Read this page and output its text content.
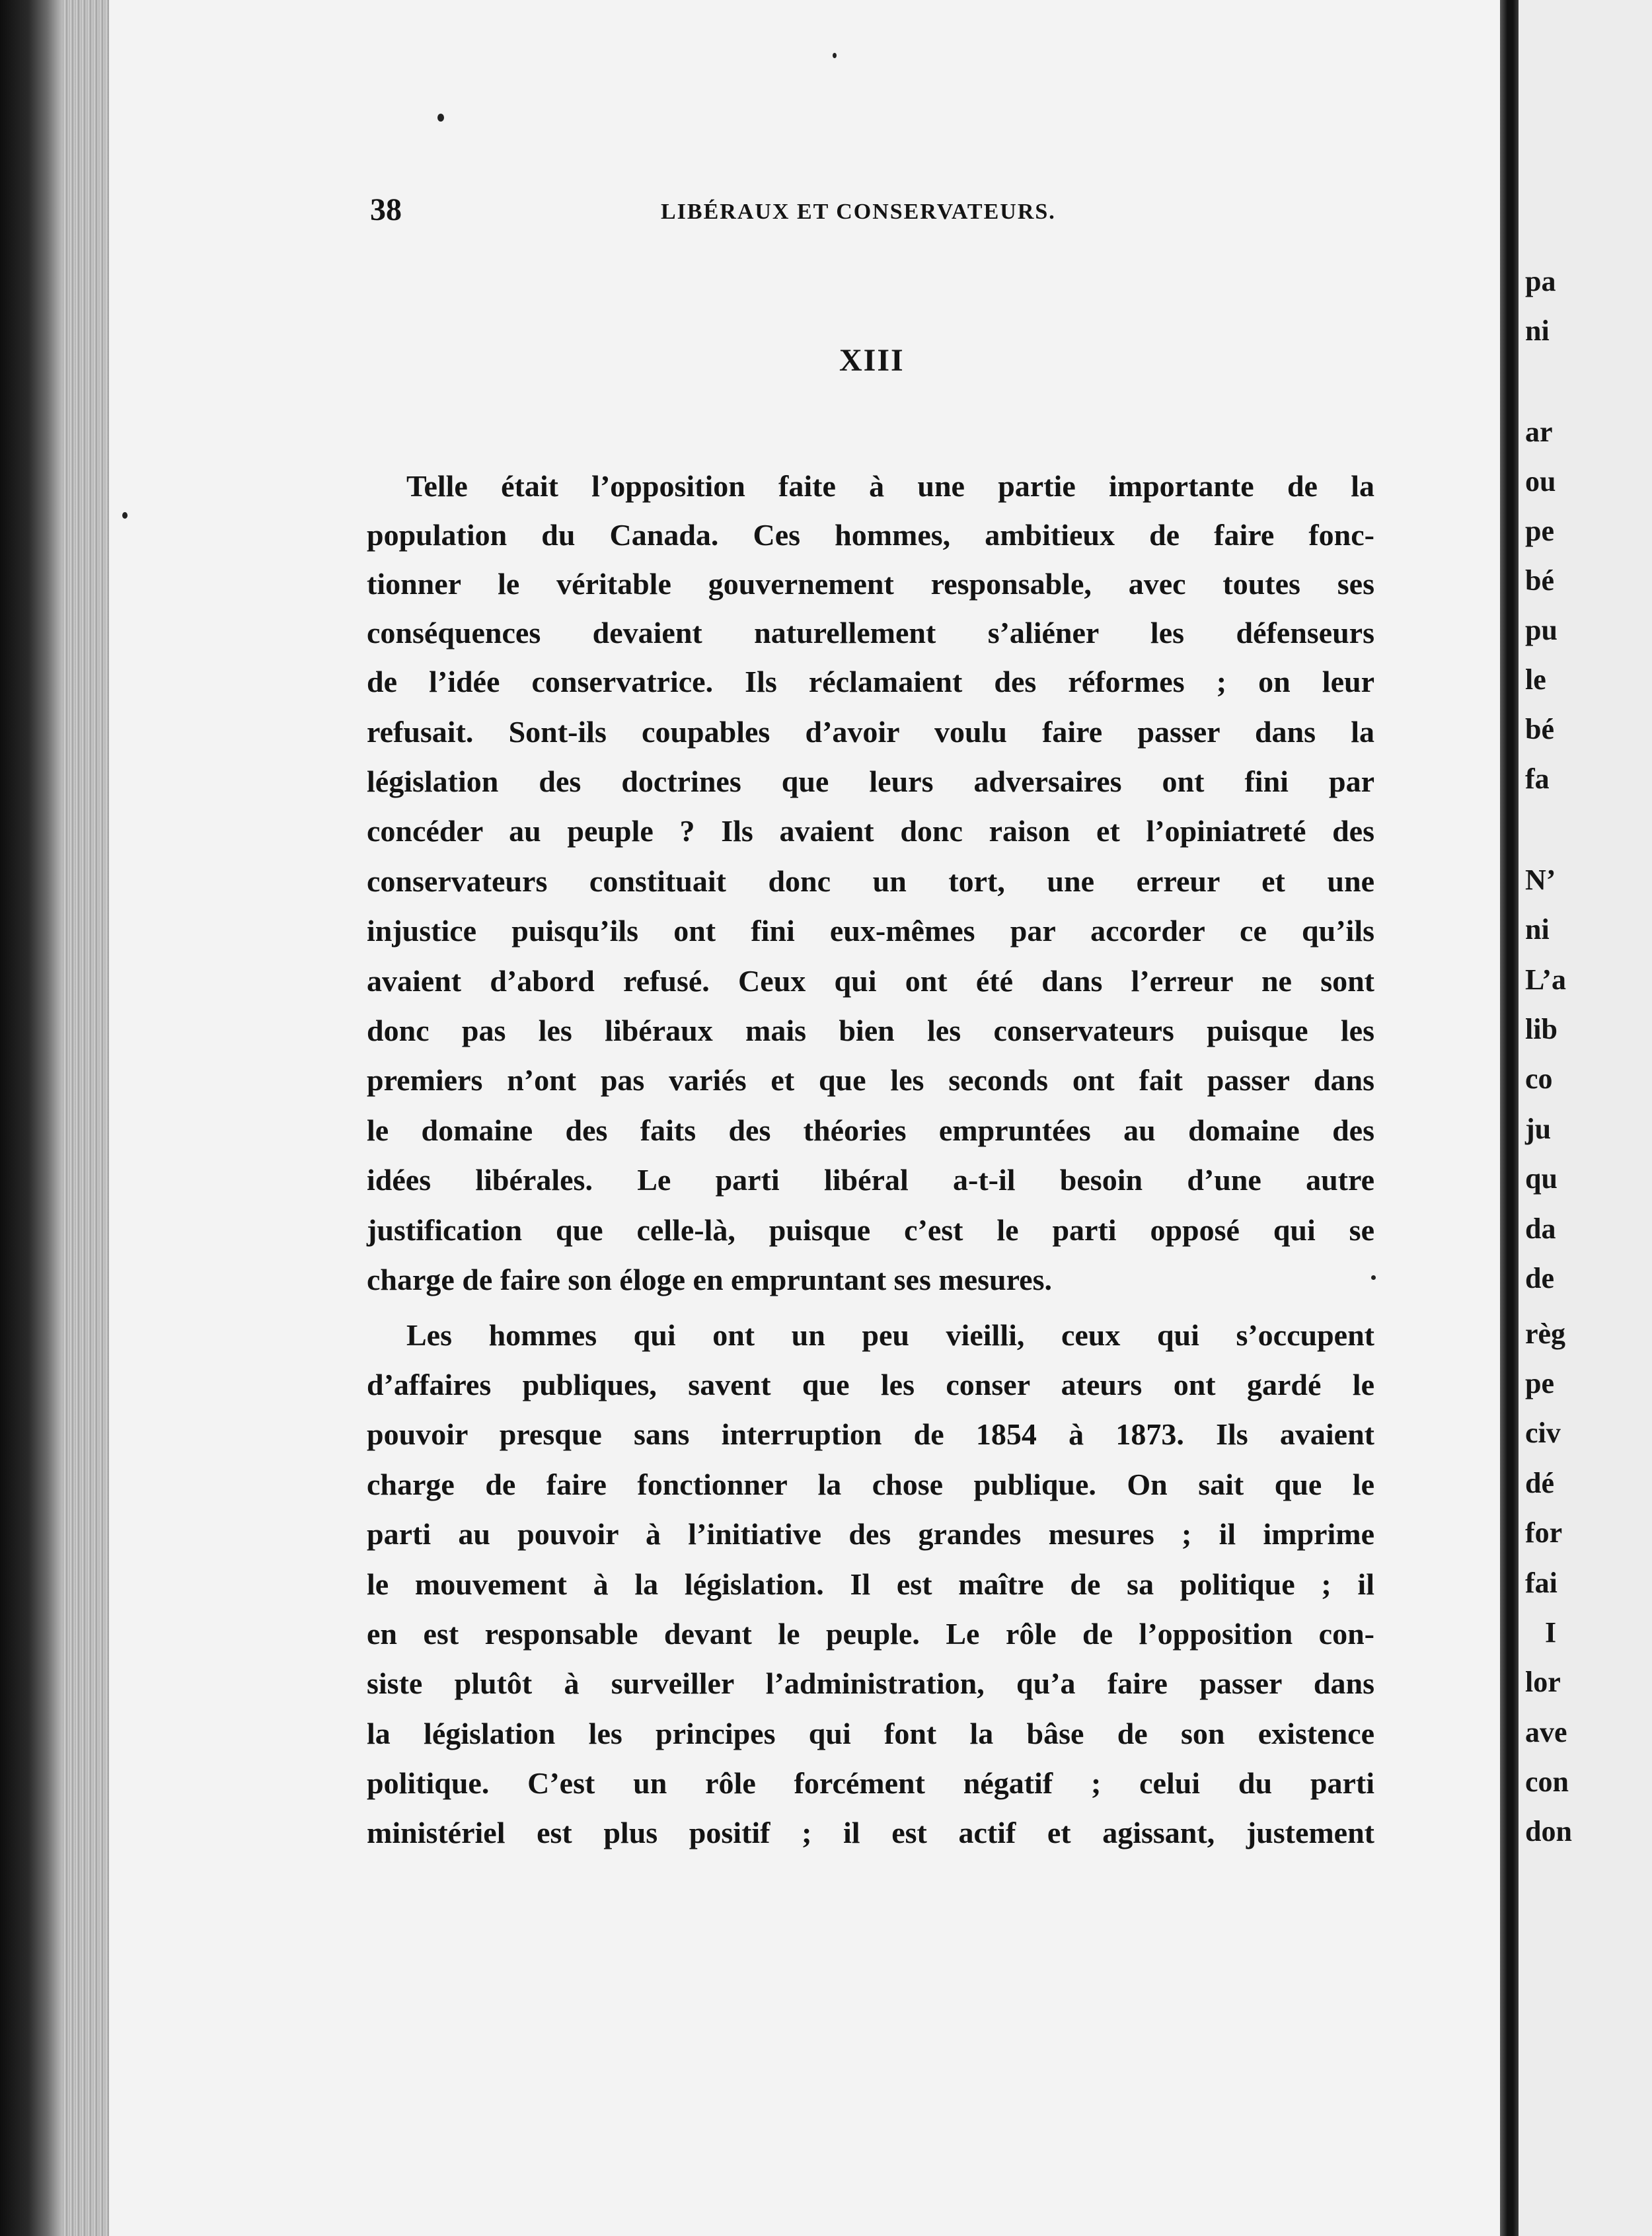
38	LIBÉRAUX ET CONSERVATEURS.
XIII
Telle était l’opposition faite à une partie importante de la
population du Canada. Ces hommes, ambitieux de faire fonc-
tionner le véritable gouvernement responsable, avec toutes ses
conséquences devaient naturellement s’aliéner les défenseurs
de l’idée conservatrice. Ils réclamaient des réformes ; on leur
refusait. Sont-ils coupables d’avoir voulu faire passer dans la
législation des doctrines que leurs adversaires ont fini par
concéder au peuple ? Ils avaient donc raison et l’opiniatreté des
conservateurs constituait donc un tort, une erreur et une
injustice puisqu’ils ont fini eux-mêmes par accorder ce qu’ils
avaient d’abord refusé. Ceux qui ont été dans l’erreur ne sont
donc pas les libéraux mais bien les conservateurs puisque les
premiers n’ont pas variés et que les seconds ont fait passer dans
le domaine des faits des théories empruntées au domaine des
idées libérales. Le parti libéral a-t-il besoin d’une autre
justification que celle-là, puisque c’est le parti opposé qui se
charge de faire son éloge en empruntant ses mesures.
Les hommes qui ont un peu vieilli, ceux qui s’occupent
d’affaires publiques, savent que les conser ateurs ont gardé le
pouvoir presque sans interruption de 1854 à 1873. Ils avaient
charge de faire fonctionner la chose publique. On sait que le
parti au pouvoir à l’initiative des grandes mesures ; il imprime
le mouvement à la législation. Il est maître de sa politique ; il
en est responsable devant le peuple. Le rôle de l’opposition con-
siste plutôt à surveiller l’administration, qu’a faire passer dans
la législation les principes qui font la bâse de son existence
politique. C’est un rôle forcément négatif ; celui du parti
ministériel est plus positif ; il est actif et agissant, justement
pa
ni
ar
ou
pe
bé
pu
le
bé
fa
N’
ni
L’a
lib
co
ju
qu
da
de
règ
pe
civ
dé
for
fai
I
lor
ave
con
don
